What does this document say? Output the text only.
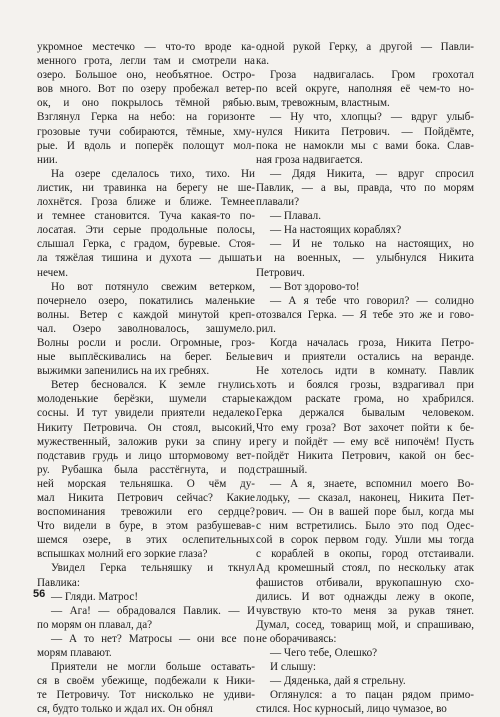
укромное местечко — что-то вроде ка-
менного грота, легли там и смотрели на
озеро. Большое оно, необъятное. Остро-
вов много. Вот по озеру пробежал ветер-
ок, и оно покрылось тёмной рябью.
Взглянул Герка на небо: на горизонте
грозовые тучи собираются, тёмные, хму-
рые. И вдоль и поперёк полощут мол-
нии.

На озере сделалось тихо, тихо. Ни
листик, ни травинка на берегу не ше-
лохнётся. Гроза ближе и ближе. Темнее
и темнее становится. Туча какая-то по-
лосатая. Эти серые продольные полосы,
слышал Герка, с градом, буревые. Стоя-
ла тяжёлая тишина и духота — дышать
нечем.

Но вот потянуло свежим ветерком,
почернело озеро, покатились маленькие
волны. Ветер с каждой минутой креп-
чал. Озеро заволновалось, зашумело.
Волны росли и росли. Огромные, гроз-
ные выплёскивались на берег. Белые
выжимки запенились на их гребнях.

Ветер бесновался. К земле гнулись
молоденькие берёзки, шумели старые
сосны. И тут увидели приятели недалеко
Никиту Петровича. Он стоял, высокий,
мужественный, заложив руки за спину и
подставив грудь и лицо штормовому вет-
ру. Рубашка была расстёгнута, и под
ней морская тельняшка. О чём ду-
мал Никита Петрович сейчас? Какие
воспоминания тревожили его сердце?
Что видели в буре, в этом разбушевав-
шемся озере, в этих ослепительных
вспышках молний его зоркие глаза?

Увидел Герка тельняшку и ткнул
Павлика:

— Гляди. Матрос!

— Ага! — обрадовался Павлик. — И
по морям он плавал, да?

— А то нет? Матросы — они все по
морям плавают.

Приятели не могли больше оставать-
ся в своём убежище, подбежали к Ники-
те Петровичу. Тот нисколько не удиви-
ся, будто только и ждал их. Он обнял

одной рукой Герку, а другой — Павли-
ка.

Гроза надвигалась. Гром грохотал
по всей округе, наполняя её чем-то но-
вым, тревожным, властным.

— Ну что, хлопцы? — вдруг улыб-
нулся Никита Петрович. — Пойдёмте,
пока не намокли мы с вами бока. Слав-
ная гроза надвигается.

— Дядя Никита, — вдруг спросил
Павлик, — а вы, правда, что по морям
плавали?

— Плавал.

— На настоящих кораблях?

— И не только на настоящих, но
и на военных, — улыбнулся Никита
Петрович.

— Вот здорово-то!

— А я тебе что говорил? — солидно
отозвался Герка. — Я тебе это же и гово-
рил.

Когда началась гроза, Никита Петро-
вич и приятели остались на веранде.
Не хотелось идти в комнату. Павлик
хоть и боялся грозы, вздрагивал при
каждом раскате грома, но храбрился.
Герка держался бывалым человеком.
Что ему гроза? Вот захочет пойти к бе-
регу и пойдёт — ему всё нипочём! Пусть
пойдёт Никита Петрович, какой он бес-
страшный.

— А я, знаете, вспомнил моего Во-
лодьку, — сказал, наконец, Никита Пет-
рович. — Он в вашей поре был, когда мы
с ним встретились. Было это под Одес-
сой в сорок первом году. Ушли мы тогда
с кораблей в окопы, город отстаивали.
Ад кромешный стоял, по нескольку атак
фашистов отбивали, врукопашную схо-
дились. И вот однажды лежу в окопе,
чувствую кто-то меня за рукав тянет.
Думал, сосед, товарищ мой, и спрашиваю,
не оборачиваясь:

— Чего тебе, Олешко?

И слышу:

— Дяденька, дай я стрельну.

Оглянулся: а то пацан рядом примо-
стился. Нос курносый, лицо чумазое, во

56
